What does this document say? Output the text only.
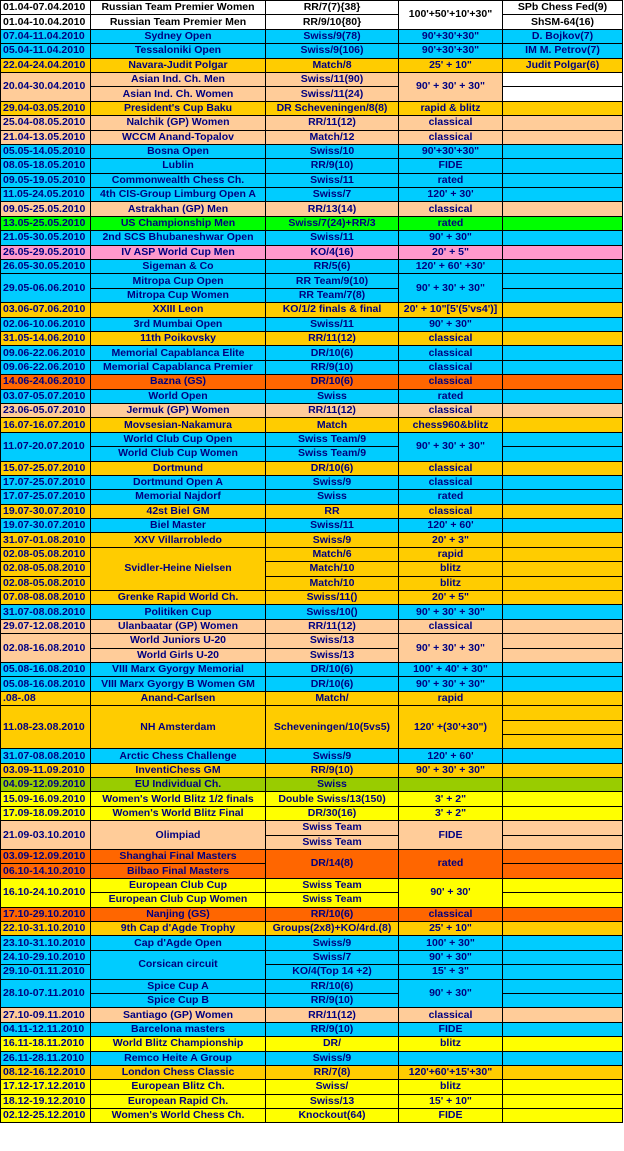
01.04-07.04.2010	Russian Team Premier Women	RR/7(7){38}	100'+50'+10'+30"	SPb Chess Fed(9)
01.04-10.04.2010	Russian Team Premier Men	RR/9/10{80}		ShSM-64(16)
07.04-11.04.2010	Sydney Open	Swiss/9(78)	90'+30'+30"	D. Bojkov(7)
05.04-11.04.2010	Tessaloniki Open	Swiss/9(106)	90'+30'+30"	IM M. Petrov(7)
22.04-24.04.2010	Navara-Judit Polgar	Match/8	25' + 10"	Judit Polgar(6)
20.04-30.04.2010	Asian Ind. Ch. Men	Swiss/11(90)	90' + 30' + 30"	
	Asian Ind. Ch. Women	Swiss/11(24)		
29.04-03.05.2010	President's Cup Baku	DR Scheveningen/8(8)	rapid & blitz	
25.04-08.05.2010	Nalchik (GP) Women	RR/11(12)	classical	
21.04-13.05.2010	WCCM Anand-Topalov	Match/12	classical	
05.05-14.05.2010	Bosna Open	Swiss/10	90'+30'+30"	
08.05-18.05.2010	Lublin	RR/9(10)	FIDE	
09.05-19.05.2010	Commonwealth Chess Ch.	Swiss/11	rated	
11.05-24.05.2010	4th CIS-Group Limburg Open A	Swiss/7	120' + 30'	
09.05-25.05.2010	Astrakhan (GP) Men	RR/13(14)	classical	
13.05-25.05.2010	US Championship Men	Swiss/7(24)+RR/3	rated	
21.05-30.05.2010	2nd SCS Bhubaneshwar Open	Swiss/11	90' + 30"	
26.05-29.05.2010	IV ASP World Cup Men	KO/4(16)	20' + 5"	
26.05-30.05.2010	Sigeman & Co	RR/5(6)	120' + 60' +30'	
29.05-06.06.2010	Mitropa Cup Open	RR Team/9(10)	90' + 30' + 30"	
	Mitropa Cup Women	RR Team/7(8)		
03.06-07.06.2010	XXIII Leon	KO/1/2 finals & final	20' + 10"[5'(5'vs4')]	
02.06-10.06.2010	3rd Mumbai Open	Swiss/11	90' + 30"	
31.05-14.06.2010	11th Poikovsky	RR/11(12)	classical	
09.06-22.06.2010	Memorial Capablanca Elite	DR/10(6)	classical	
09.06-22.06.2010	Memorial Capablanca Premier	RR/9(10)	classical	
14.06-24.06.2010	Bazna (GS)	DR/10(6)	classical	
03.07-05.07.2010	World Open	Swiss	rated	
23.06-05.07.2010	Jermuk (GP) Women	RR/11(12)	classical	
16.07-16.07.2010	Movsesian-Nakamura	Match	chess960&blitz	
11.07-20.07.2010	World Club Cup Open	Swiss Team/9	90' + 30' + 30"	
	World Club Cup Women	Swiss Team/9		
15.07-25.07.2010	Dortmund	DR/10(6)	classical	
17.07-25.07.2010	Dortmund Open A	Swiss/9	classical	
17.07-25.07.2010	Memorial Najdorf	Swiss	rated	
19.07-30.07.2010	42st Biel GM	RR	classical	
19.07-30.07.2010	Biel Master	Swiss/11	120' + 60'	
31.07-01.08.2010	XXV Villarrobledo	Swiss/9	20' + 3"	
02.08-05.08.2010	Svidler-Heine Nielsen	Match/6	rapid	
02.08-05.08.2010		Match/10	blitz	
02.08-05.08.2010		Match/10	blitz	
07.08-08.08.2010	Grenke Rapid World Ch.	Swiss/11()	20' + 5"	
31.07-08.08.2010	Politiken Cup	Swiss/10()	90' + 30' + 30"	
29.07-12.08.2010	Ulanbaatar (GP) Women	RR/11(12)	classical	
02.08-16.08.2010	World Juniors U-20	Swiss/13	90' + 30' + 30"	
	World Girls U-20	Swiss/13		
05.08-16.08.2010	VIII Marx Gyorgy Memorial	DR/10(6)	100' + 40' + 30"	
05.08-16.08.2010	VIII Marx Gyorgy B Women GM	DR/10(6)	90' + 30' + 30"	
.08-.08	Anand-Carlsen	Match/	rapid	
11.08-23.08.2010	NH Amsterdam	Scheveningen/10(5vs5)	120' +(30'+30")	

31.07-08.08.2010	Arctic Chess Challenge	Swiss/9	120' + 60'	
03.09-11.09.2010	InventiChess GM	RR/9(10)	90' + 30' + 30"	
04.09-12.09.2010	EU Individual Ch.	Swiss		
15.09-16.09.2010	Women's World Blitz 1/2 finals	Double Swiss/13(150)	3' + 2"	
17.09-18.09.2010	Women's World Blitz Final	DR/30(16)	3' + 2"	
21.09-03.10.2010	Olimpiad	Swiss Team	FIDE	
		Swiss Team		
03.09-12.09.2010	Shanghai Final Masters	DR/14(8)	rated	
06.10-14.10.2010	Bilbao Final Masters			
16.10-24.10.2010	European Club Cup	Swiss Team	90' + 30'	
	European Club Cup Women	Swiss Team		
17.10-29.10.2010	Nanjing (GS)	RR/10(6)	classical	
22.10-31.10.2010	9th Cap d'Agde Trophy	Groups(2x8)+KO/4rd.(8)	25' + 10"	
23.10-31.10.2010	Cap d'Agde Open	Swiss/9	100' + 30"	
24.10-29.10.2010	Corsican circuit	Swiss/7	90' + 30"	
29.10-01.11.2010		KO/4(Top 14 +2)	15' + 3"	
28.10-07.11.2010	Spice Cup A	RR/10(6)	90' + 30"	
	Spice Cup B	RR/9(10)		
27.10-09.11.2010	Santiago (GP) Women	RR/11(12)	classical	
04.11-12.11.2010	Barcelona masters	RR/9(10)	FIDE	
16.11-18.11.2010	World Blitz Championship	DR/	blitz	
26.11-28.11.2010	Remco Heite A Group	Swiss/9		
08.12-16.12.2010	London Chess Classic	RR/7(8)	120'+60'+15'+30"	
17.12-17.12.2010	European Blitz Ch.	Swiss/	blitz	
18.12-19.12.2010	European Rapid Ch.	Swiss/13	15' + 10"	
02.12-25.12.2010	Women's World Chess Ch.	Knockout(64)	FIDE	
